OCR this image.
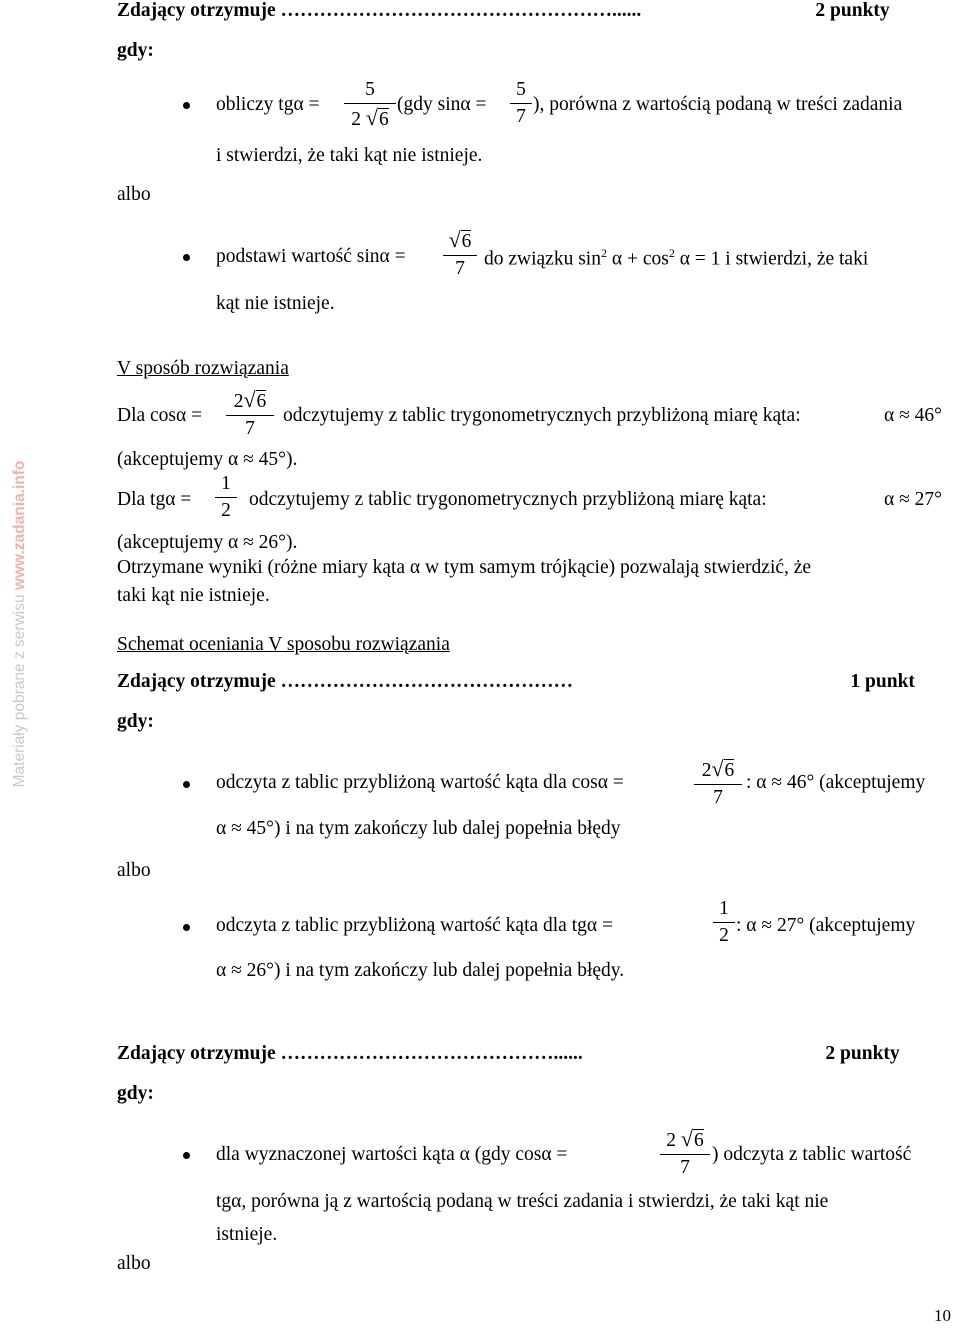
Materiały pobrane z serwisu www.zadania.info
Zdający otrzymuje ……………………………………………......	2 punkty
gdy:
obliczy tgα =
5
2 √6
(gdy sinα =
5
7
), porówna z wartością podaną w treści zadania
i stwierdzi, że taki kąt nie istnieje.
albo
podstawi wartość sinα =
√6
7 do związku $\sin^2 \alpha + \cos^2 \alpha = 1$ i stwierdzi, że taki
kąt nie istnieje.
V sposób rozwiązania
Dla cosα =
2√6
7
odczytujemy z tablic trygonometrycznych przybliżoną miarę kąta:	α ≈ 46°
(akceptujemy α ≈ 45°).
Dla tgα =
1
2 odczytujemy z tablic trygonometrycznych przybliżoną miarę kąta:	α ≈ 27°
(akceptujemy α ≈ 26°).
Otrzymane wyniki (różne miary kąta α w tym samym trójkącie) pozwalają stwierdzić, że
taki kąt nie istnieje.
Schemat oceniania V sposobu rozwiązania
Zdający otrzymuje ………………………………………	1 punkt
gdy:
odczyta z tablic przybliżoną wartość kąta dla cosα =
2√6
7
: α ≈ 46° (akceptujemy
α ≈ 45°) i na tym zakończy lub dalej popełnia błędy
albo
odczyta z tablic przybliżoną wartość kąta dla tgα =
1
2 : α ≈ 27° (akceptujemy
α ≈ 26°) i na tym zakończy lub dalej popełnia błędy.
Zdający otrzymuje ……………………………………......	2 punkty
gdy:
dla wyznaczonej wartości kąta α (gdy cosα =
2 √6
7
) odczyta z tablic wartość
tgα, porówna ją z wartością podaną w treści zadania i stwierdzi, że taki kąt nie
istnieje.
albo
10
